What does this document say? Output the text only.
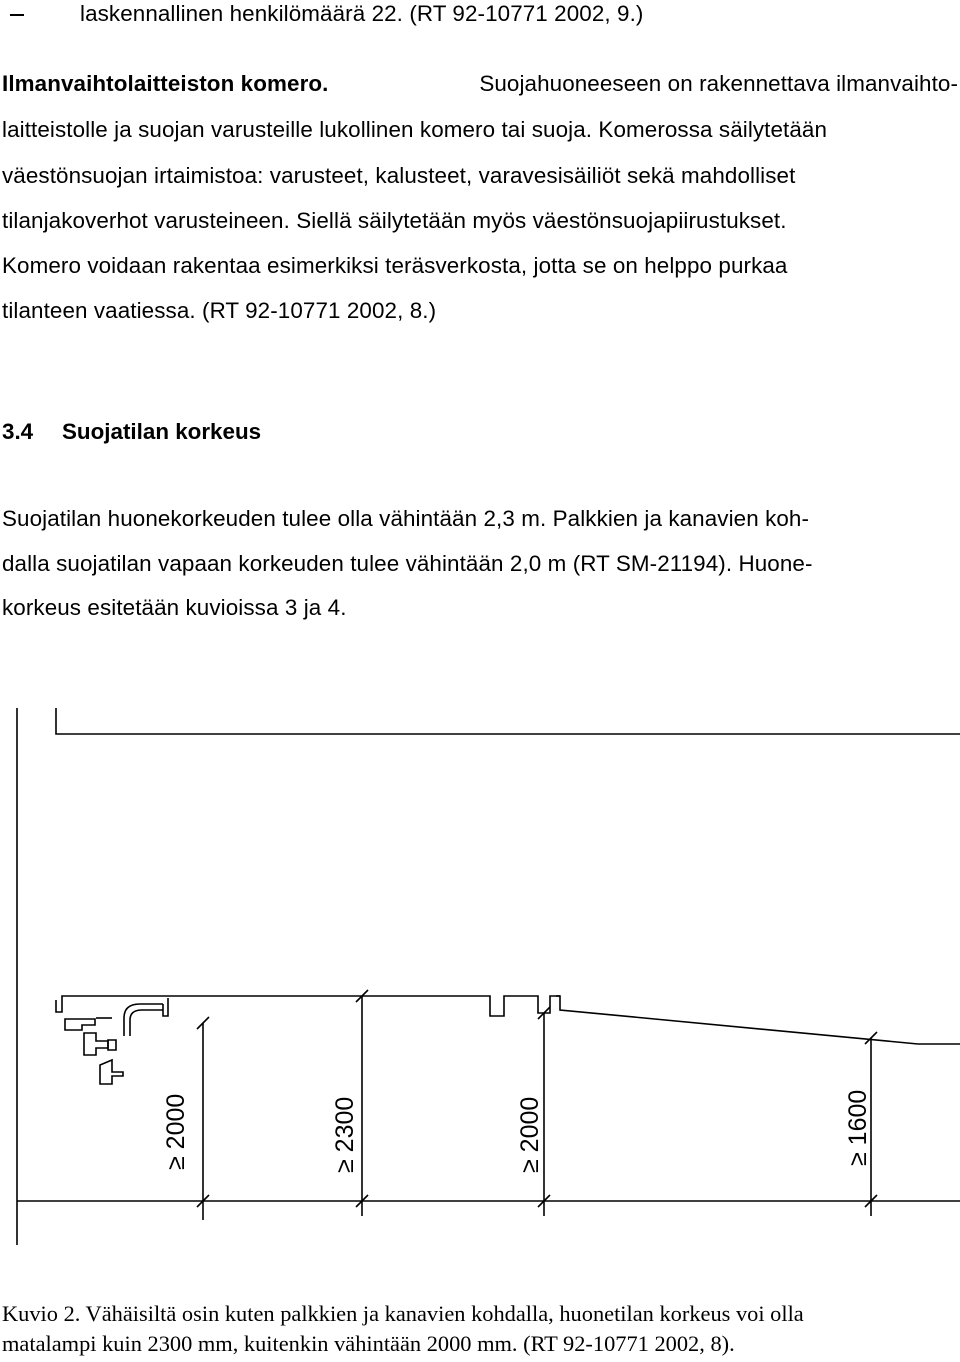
laskennallinen henkilömäärä 22. (RT 92-10771 2002, 9.)
Ilmanvaihtolaitteiston komero.	Suojahuoneeseen on rakennettava ilmanvaihto-
laitteistolle ja suojan varusteille lukollinen komero tai suoja. Komerossa säilytetään
väestönsuojan irtaimistoa: varusteet, kalusteet, varavesisäiliöt sekä mahdolliset
tilanjakoverhot varusteineen. Siellä säilytetään myös väestönsuojapiirustukset.
Komero voidaan rakentaa esimerkiksi teräsverkosta, jotta se on helppo purkaa
tilanteen vaatiessa. (RT 92-10771 2002, 8.)
3.4 Suojatilan korkeus
Suojatilan huonekorkeuden tulee olla vähintään 2,3 m. Palkkien ja kanavien koh-
dalla suojatilan vapaan korkeuden tulee vähintään 2,0 m (RT SM-21194). Huone-
korkeus esitetään kuvioissa 3 ja 4.
≥ 2000	≥ 2300	≥ 2000	≥ 1600
Kuvio 2. Vähäisiltä osin kuten palkkien ja kanavien kohdalla, huonetilan korkeus voi olla
matalampi kuin 2300 mm, kuitenkin vähintään 2000 mm. (RT 92-10771 2002, 8).
